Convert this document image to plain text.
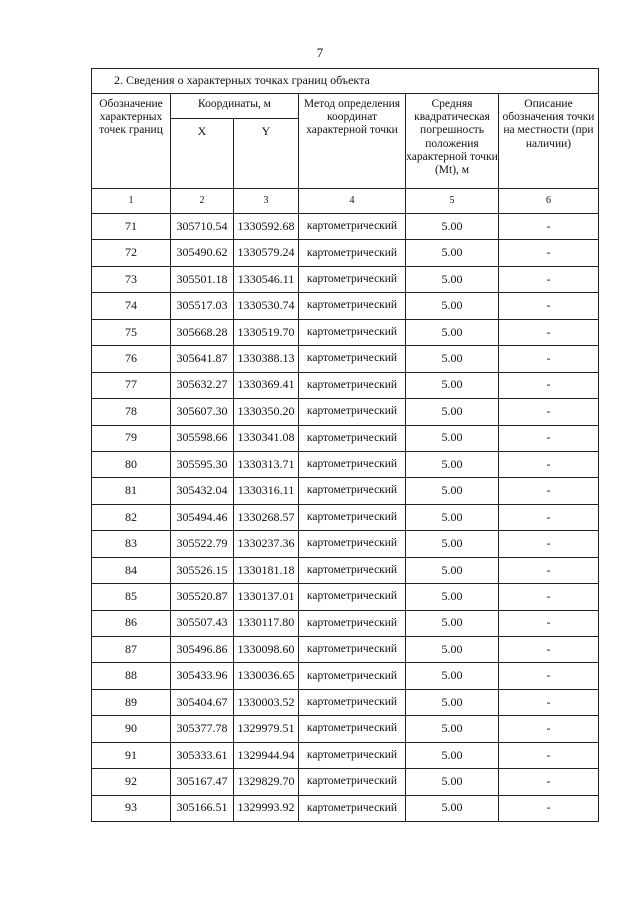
7
2. Сведения о характерных точках границ объекта					
Обозначение характерных точек границ	Координаты, м		Метод определения координат характерной точки	Средняя квадратическая погрешность положения характерной точки (Mt), м	Описание обозначения точки на местности (при наличии)
	X	Y			
1	2	3	4	5	6
71	305710.54	1330592.68	картометрический	5.00	-
72	305490.62	1330579.24	картометрический	5.00	-
73	305501.18	1330546.11	картометрический	5.00	-
74	305517.03	1330530.74	картометрический	5.00	-
75	305668.28	1330519.70	картометрический	5.00	-
76	305641.87	1330388.13	картометрический	5.00	-
77	305632.27	1330369.41	картометрический	5.00	-
78	305607.30	1330350.20	картометрический	5.00	-
79	305598.66	1330341.08	картометрический	5.00	-
80	305595.30	1330313.71	картометрический	5.00	-
81	305432.04	1330316.11	картометрический	5.00	-
82	305494.46	1330268.57	картометрический	5.00	-
83	305522.79	1330237.36	картометрический	5.00	-
84	305526.15	1330181.18	картометрический	5.00	-
85	305520.87	1330137.01	картометрический	5.00	-
86	305507.43	1330117.80	картометрический	5.00	-
87	305496.86	1330098.60	картометрический	5.00	-
88	305433.96	1330036.65	картометрический	5.00	-
89	305404.67	1330003.52	картометрический	5.00	-
90	305377.78	1329979.51	картометрический	5.00	-
91	305333.61	1329944.94	картометрический	5.00	-
92	305167.47	1329829.70	картометрический	5.00	-
93	305166.51	1329993.92	картометрический	5.00	-
